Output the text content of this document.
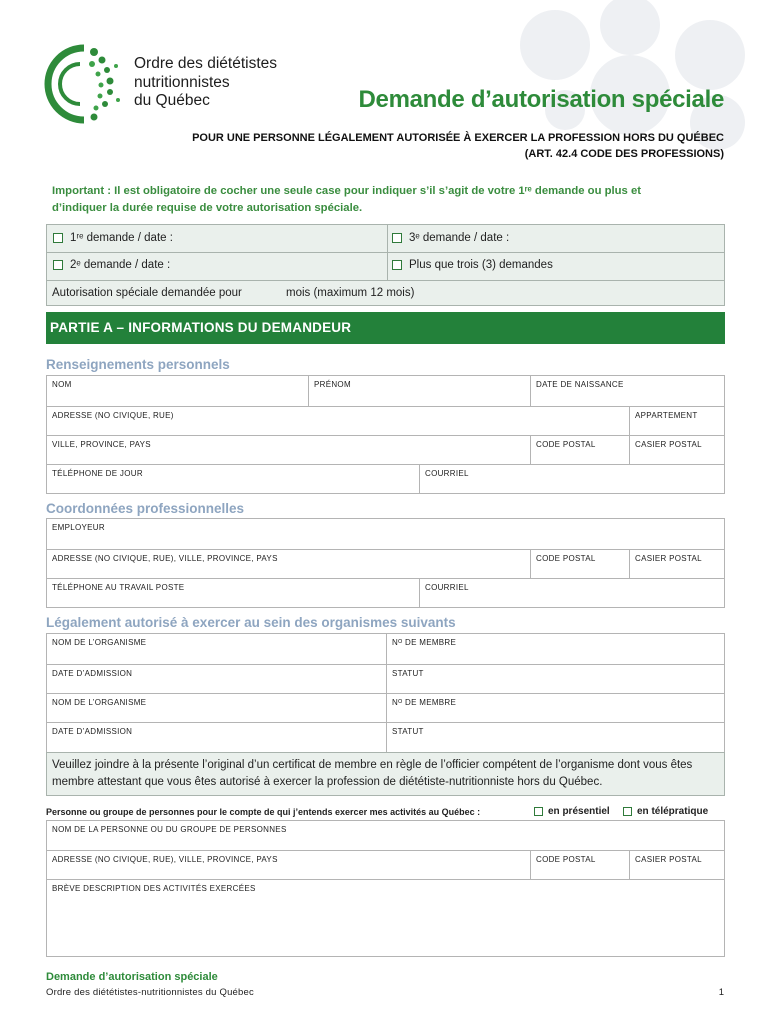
Ordre des diététistes
nutritionnistes
du Québec	Demande d’autorisation spéciale
POUR UNE PERSONNE LÉGALEMENT AUTORISÉE À EXERCER LA PROFESSION HORS DU QUÉBEC
(ART. 42.4 CODE DES PROFESSIONS)
Important : Il est obligatoire de cocher une seule case pour indiquer s’il s’agit de votre 1ʳᵉ demande ou plus et
d’indiquer la durée requise de votre autorisation spéciale.
1ʳᵉ demande / date :	3ᵉ demande / date :
2ᵉ demande / date :	Plus que trois (3) demandes
Autorisation spéciale demandée pour	mois (maximum 12 mois)
PARTIE A – INFORMATIONS DU DEMANDEUR
Renseignements personnels
NOM	PRÉNOM	DATE DE NAISSANCE
ADRESSE (NO CIVIQUE, RUE)	APPARTEMENT
VILLE, PROVINCE, PAYS	CODE POSTAL	CASIER POSTAL
TÉLÉPHONE DE JOUR	COURRIEL
Coordonnées professionnelles
EMPLOYEUR
ADRESSE (NO CIVIQUE, RUE), VILLE, PROVINCE, PAYS	CODE POSTAL	CASIER POSTAL
TÉLÉPHONE AU TRAVAIL POSTE	COURRIEL
Légalement autorisé à exercer au sein des organismes suivants
NOM DE L’ORGANISME	Nᴼ DE MEMBRE
DATE D’ADMISSION	STATUT
NOM DE L’ORGANISME	Nᴼ DE MEMBRE
DATE D’ADMISSION	STATUT
Veuillez joindre à la présente l’original d’un certificat de membre en règle de l’officier compétent de l’organisme dont vous êtes
membre attestant que vous êtes autorisé à exercer la profession de diététiste-nutritionniste hors du Québec.
Personne ou groupe de personnes pour le compte de qui j’entends exercer mes activités au Québec :	en présentiel	en télépratique
NOM DE LA PERSONNE OU DU GROUPE DE PERSONNES
ADRESSE (NO CIVIQUE, RUE), VILLE, PROVINCE, PAYS	CODE POSTAL	CASIER POSTAL
BRÈVE DESCRIPTION DES ACTIVITÉS EXERCÉES
Demande d’autorisation spéciale
Ordre des diététistes-nutritionnistes du Québec	1
